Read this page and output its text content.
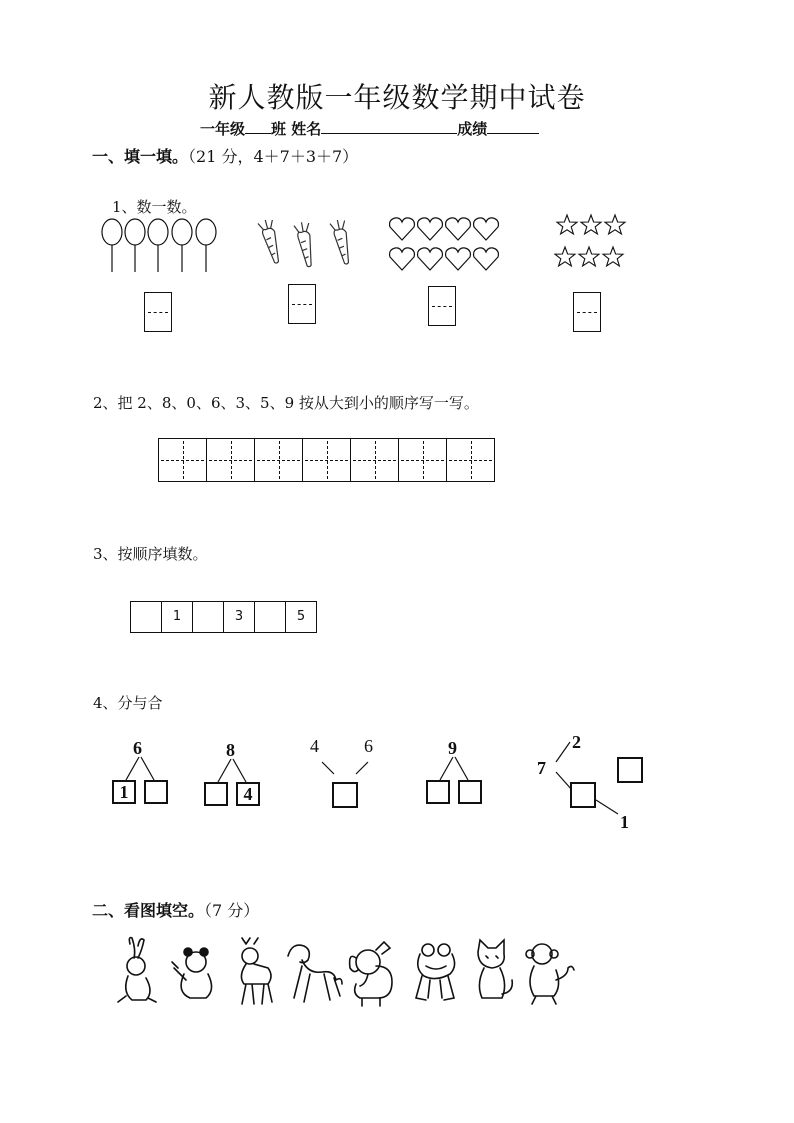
新人教版一年级数学期中试卷
一年级 班 姓名	成绩
一、填一填。（21 分，4＋7＋3＋7）
1、数一数。
2、把 2、8、0、6、3、5、9 按从大到小的顺序写一写。
3、按顺序填数。
1	3	5
4、分与合
6
1
8
4
4	6	9	2
7
1
二、看图填空。（7 分）
